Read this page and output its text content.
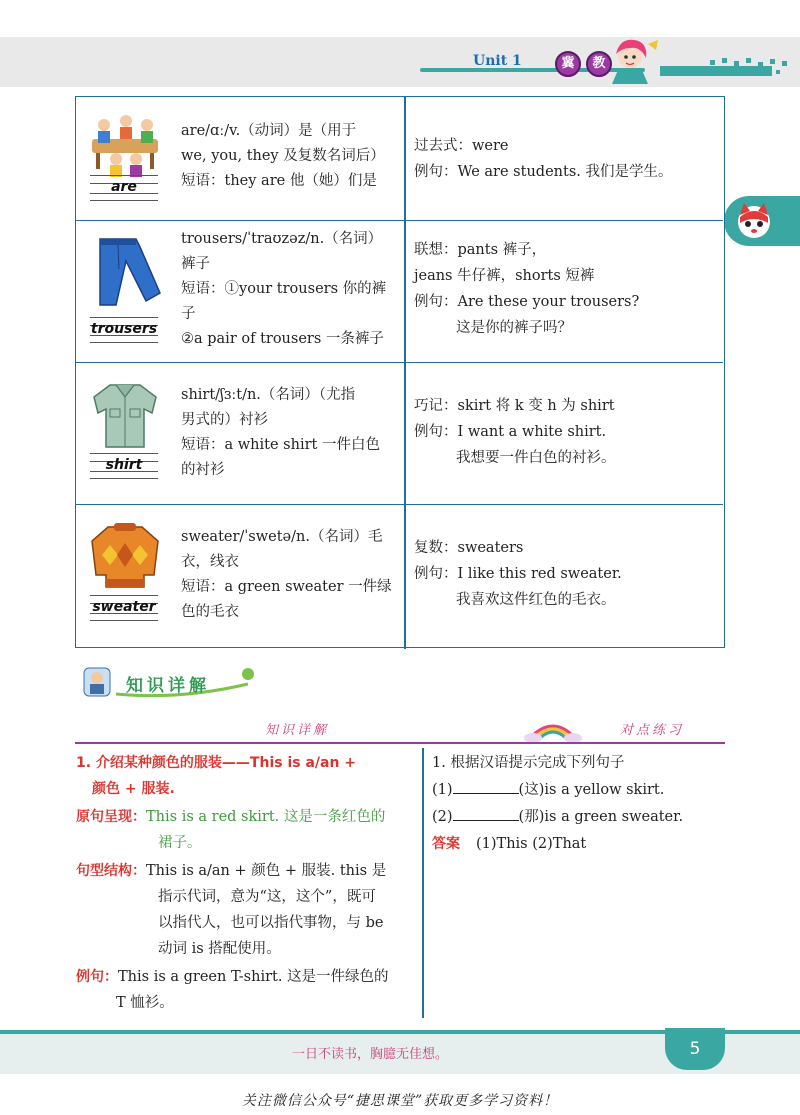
Unit 1	冀	教
are
are/ɑː/v.（动词）是（用于
we, you, they 及复数名词后）
短语：they are 他（她）们是
过去式：were
例句：We are students. 我们是学生。
trousers
trousers/ˈtraʊzəz/n.（名词）
裤子
短语：①your trousers 你的裤
子
②a pair of trousers 一条裤子
联想：pants 裤子，
jeans 牛仔裤，shorts 短裤
例句：Are these your trousers?
这是你的裤子吗？
shirt
shirt/ʃɜːt/n.（名词）（尤指
男式的）衬衫
短语：a white shirt 一件白色
的衬衫
巧记：skirt 将 k 变 h 为 shirt
例句：I want a white shirt.
我想要一件白色的衬衫。
sweater
sweater/ˈswetə/n.（名词）毛
衣，线衣
短语：a green sweater 一件绿
色的毛衣
复数：sweaters
例句：I like this red sweater.
我喜欢这件红色的毛衣。
知识详解
知识详解	对点练习
1. 介绍某种颜色的服装——This is a/an +
颜色 + 服装.
原句呈现：This is a red skirt. 这是一条红色的
裙子。
句型结构：This is a/an + 颜色 + 服装. this 是
指示代词，意为“这，这个”，既可
以指代人，也可以指代事物，与 be
动词 is 搭配使用。
例句：This is a green T-shirt. 这是一件绿色的
T 恤衫。
1. 根据汉语提示完成下列句子
(1)	(这)is a yellow skirt.
(2)	(那)is a green sweater.
答案 (1)This (2)That
一日不读书，胸臆无佳想。	5
关注微信公众号“捷思课堂”获取更多学习资料！
